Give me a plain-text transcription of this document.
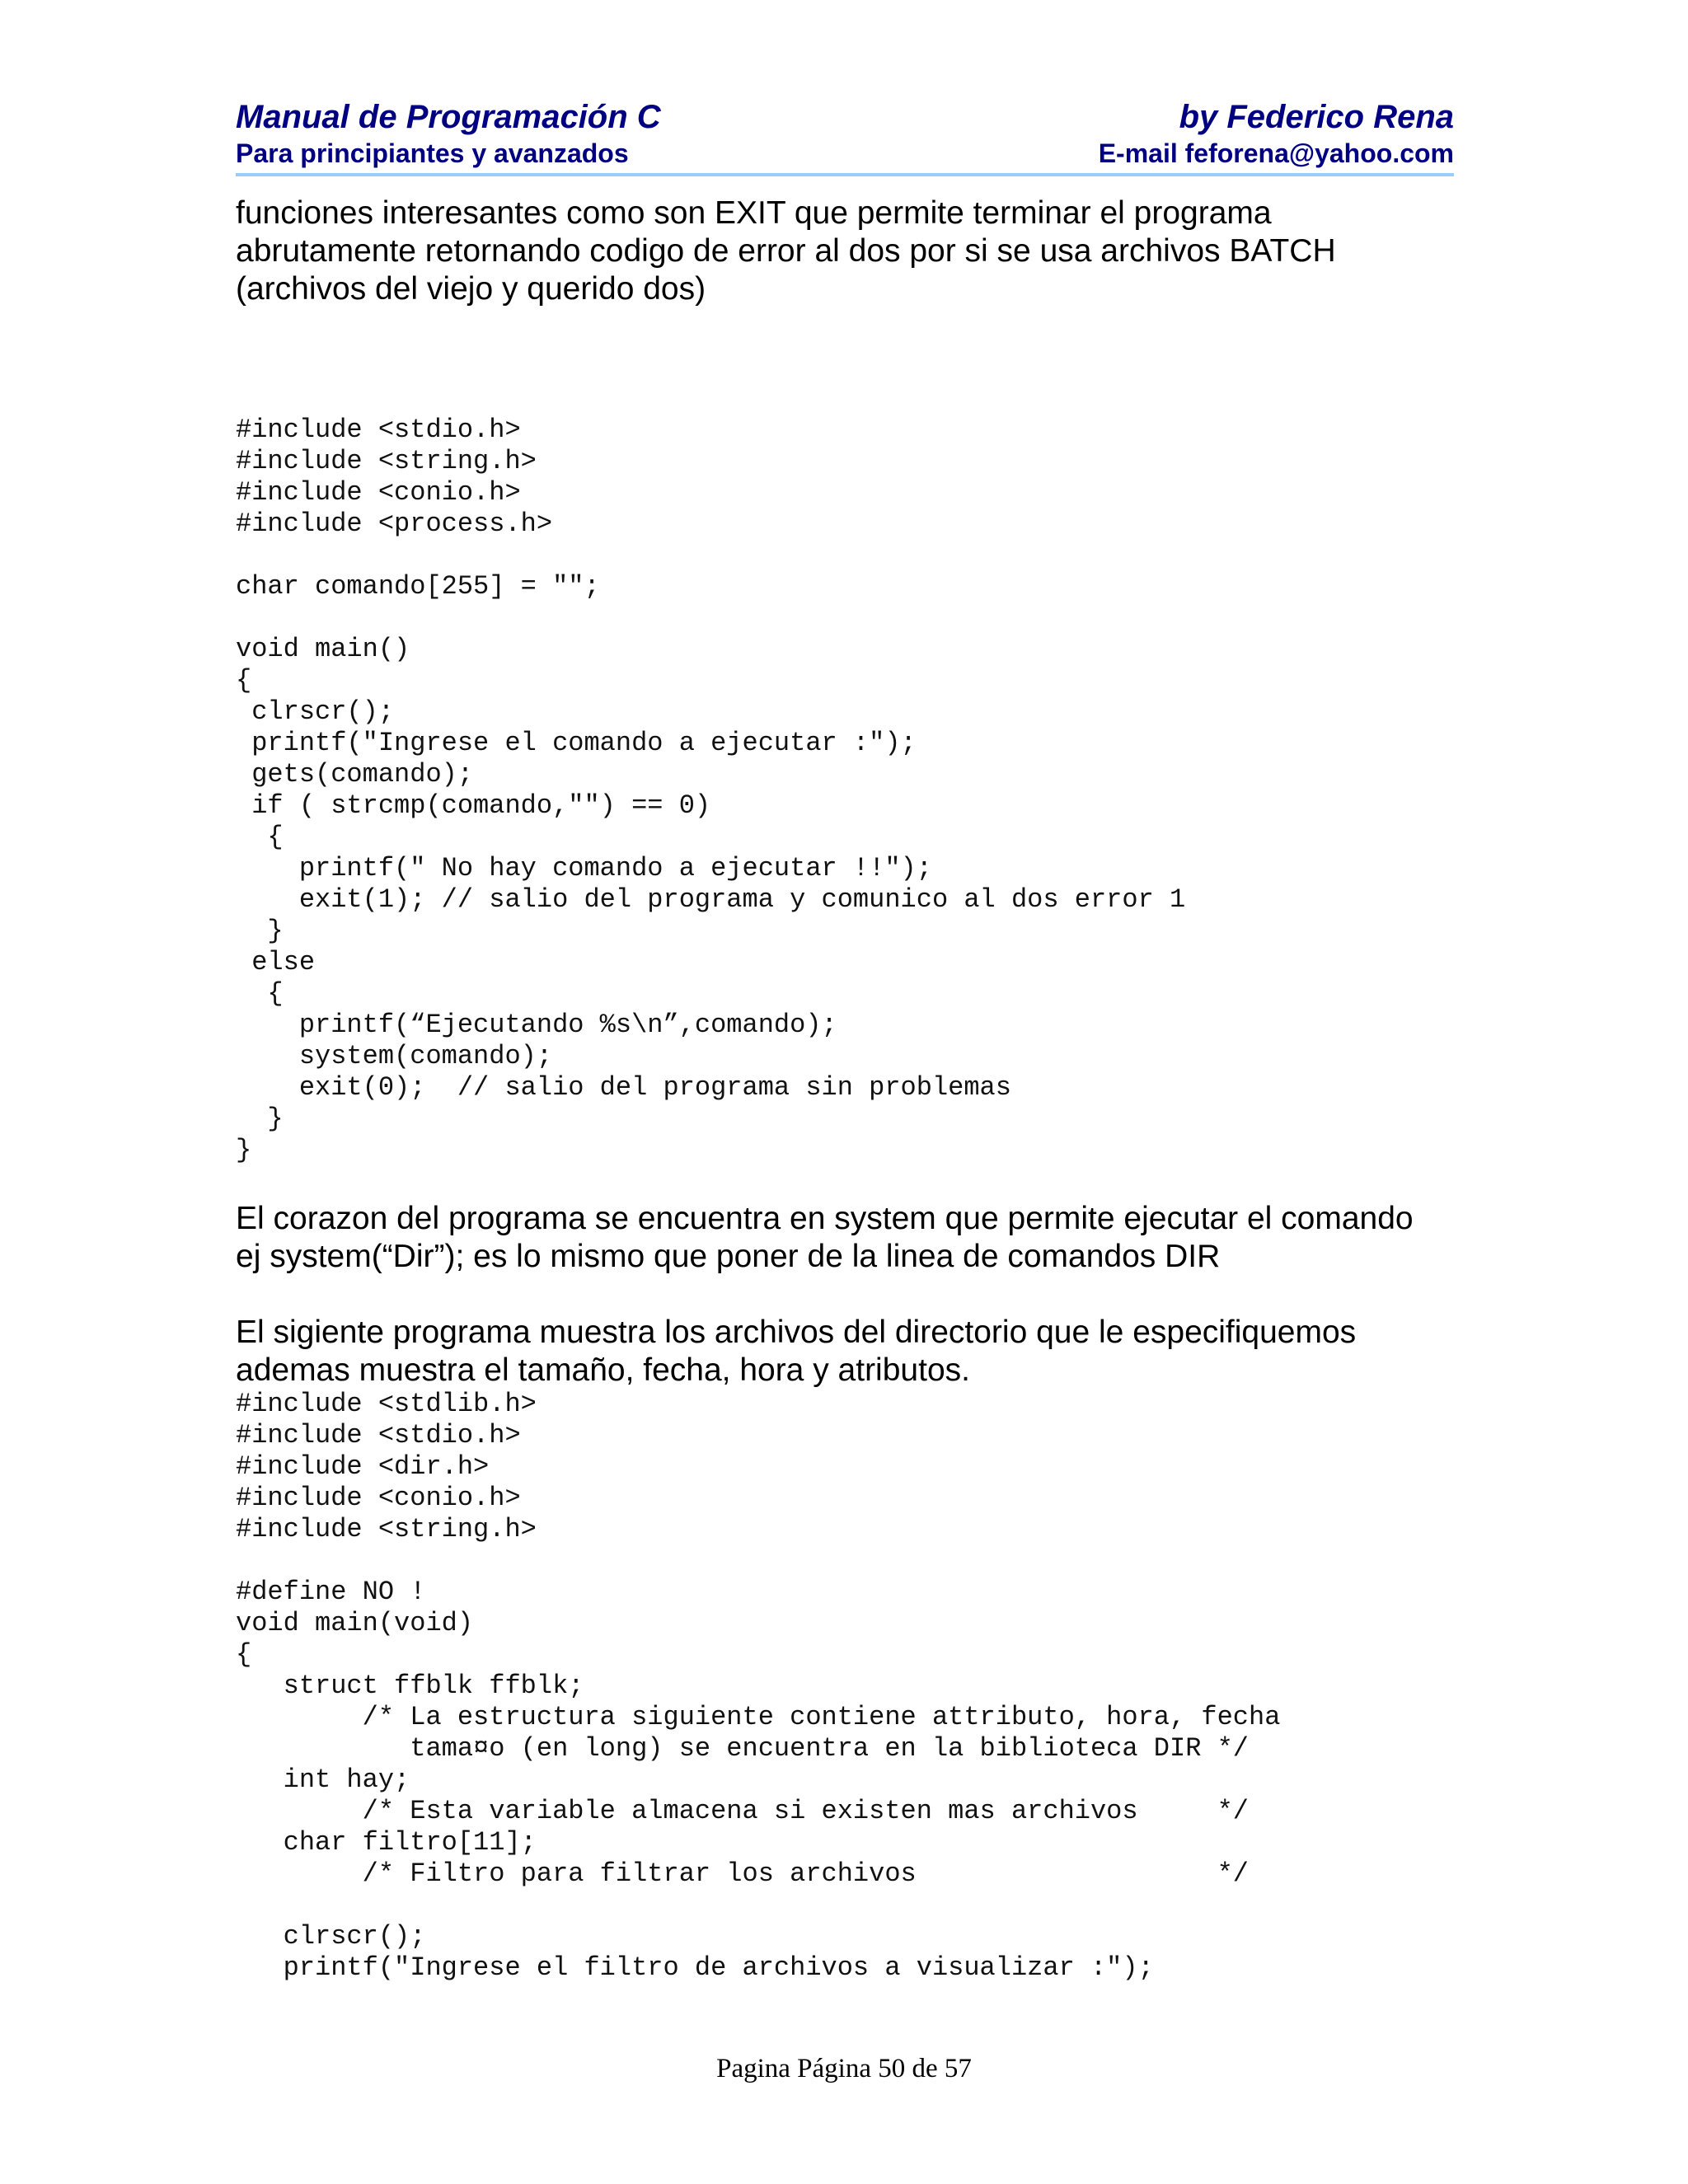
Manual de Programación C
Para principiantes y avanzados
by Federico Rena
E-mail feforena@yahoo.com

funciones interesantes como son EXIT que permite terminar el programa
abrutamente retornando codigo de error al dos por si se usa archivos BATCH
(archivos del viejo y querido dos)

#include <stdio.h>
#include <string.h>
#include <conio.h>
#include <process.h>

char comando[255] = "";

void main()
{
clrscr();
printf("Ingrese el comando a ejecutar :");
gets(comando);
if ( strcmp(comando,"") == 0)
{
printf(" No hay comando a ejecutar !!");
exit(1); // salio del programa y comunico al dos error 1
}
else
{
printf(“Ejecutando %s\n”,comando);
system(comando);
exit(0);  // salio del programa sin problemas
}
}

El corazon del programa se encuentra en system que permite ejecutar el comando
ej system(“Dir”); es lo mismo que poner de la linea de comandos DIR

El sigiente programa muestra los archivos del directorio que le especifiquemos
ademas muestra el tamaño, fecha, hora y atributos.

#include <stdlib.h>
#include <stdio.h>
#include <dir.h>
#include <conio.h>
#include <string.h>

#define NO !
void main(void)
{
struct ffblk ffblk;
/* La estructura siguiente contiene attributo, hora, fecha
tama¤o (en long) se encuentra en la biblioteca DIR */
int hay;
/* Esta variable almacena si existen mas archivos     */
char filtro[11];
/* Filtro para filtrar los archivos                   */

clrscr();
printf("Ingrese el filtro de archivos a visualizar :");
Pagina Página 50 de 57
